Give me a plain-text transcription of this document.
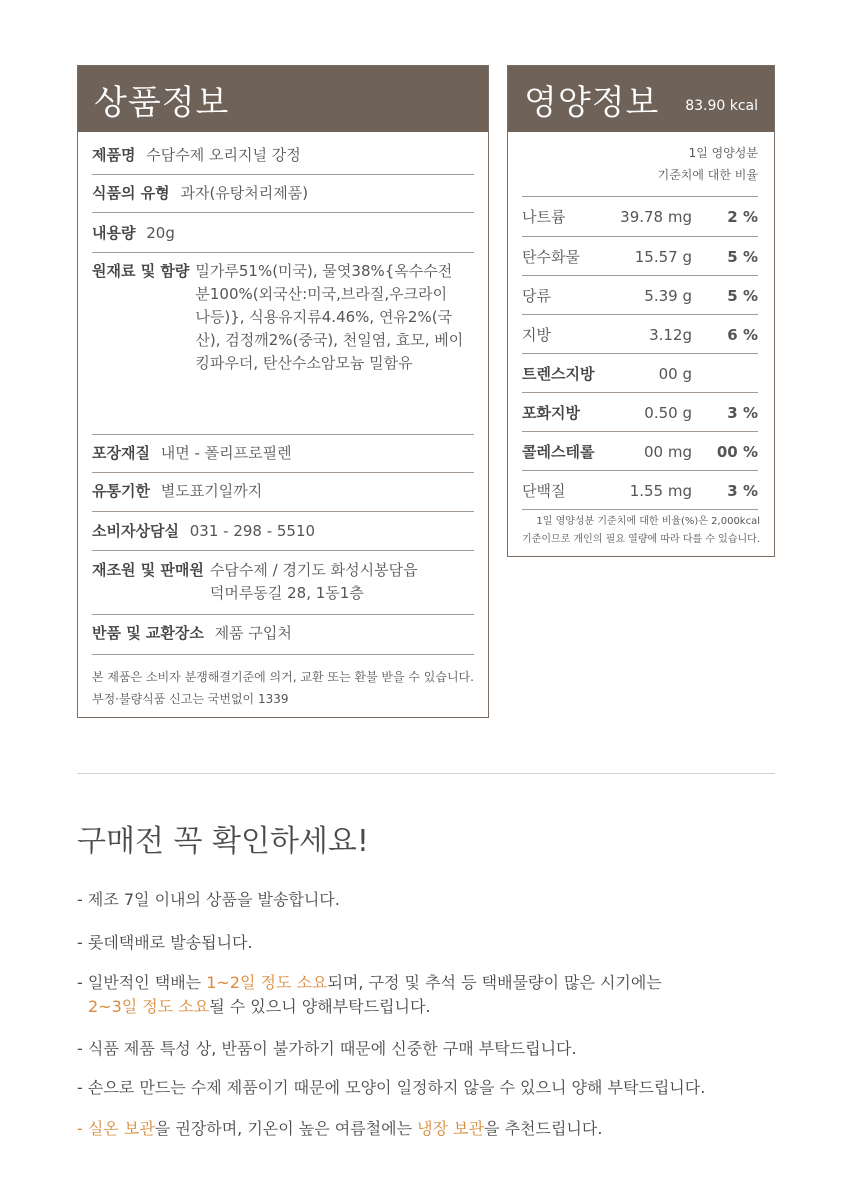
상품정보
제품명 수담수제 오리지널 강정
식품의 유형 과자(유탕처리제품)
내용량 20g
원재료 및 함량 밀가루51%(미국), 물엿38%{옥수수전
분100%(외국산:미국,브라질,우크라이
나등)}, 식용유지류4.46%, 연유2%(국
산), 검정깨2%(중국), 천일염, 효모, 베이
킹파우더, 탄산수소암모늄 밀함유
포장재질 내면 - 폴리프로필렌
유통기한 별도표기일까지
소비자상담실 031 - 298 - 5510
재조원 및 판매원 수담수제 / 경기도 화성시봉담읍
덕머루동길 28, 1동1층
반품 및 교환장소 제품 구입처
본 제품은 소비자 분쟁해결기준에 의거, 교환 또는 환불 받을 수 있습니다.
부정·불량식품 신고는 국번없이 1339
영양정보 83.90 kcal
1일 영양성분
기준치에 대한 비율
나트륨	39.78 mg	2 %
탄수화물	15.57 g	5 %
당류	5.39 g	5 %
지방	3.12g	6 %
트렌스지방	00 g
포화지방	0.50 g	3 %
콜레스테롤	00 mg	00 %
단백질	1.55 mg	3 %
1일 영양성분 기준치에 대한 비율(%)은 2,000kcal
기준이므로 개인의 필요 열량에 따라 다를 수 있습니다.
구매전 꼭 확인하세요!
- 제조 7일 이내의 상품을 발송합니다.
- 롯데택배로 발송됩니다.
- 일반적인 택배는 1~2일 정도 소요되며, 구정 및 추석 등 택배물량이 많은 시기에는
2~3일 정도 소요될 수 있으니 양해부탁드립니다.
- 식품 제품 특성 상, 반품이 불가하기 때문에 신중한 구매 부탁드립니다.
- 손으로 만드는 수제 제품이기 때문에 모양이 일정하지 않을 수 있으니 양해 부탁드립니다.
- 실온 보관을 권장하며, 기온이 높은 여름철에는 냉장 보관을 추천드립니다.
